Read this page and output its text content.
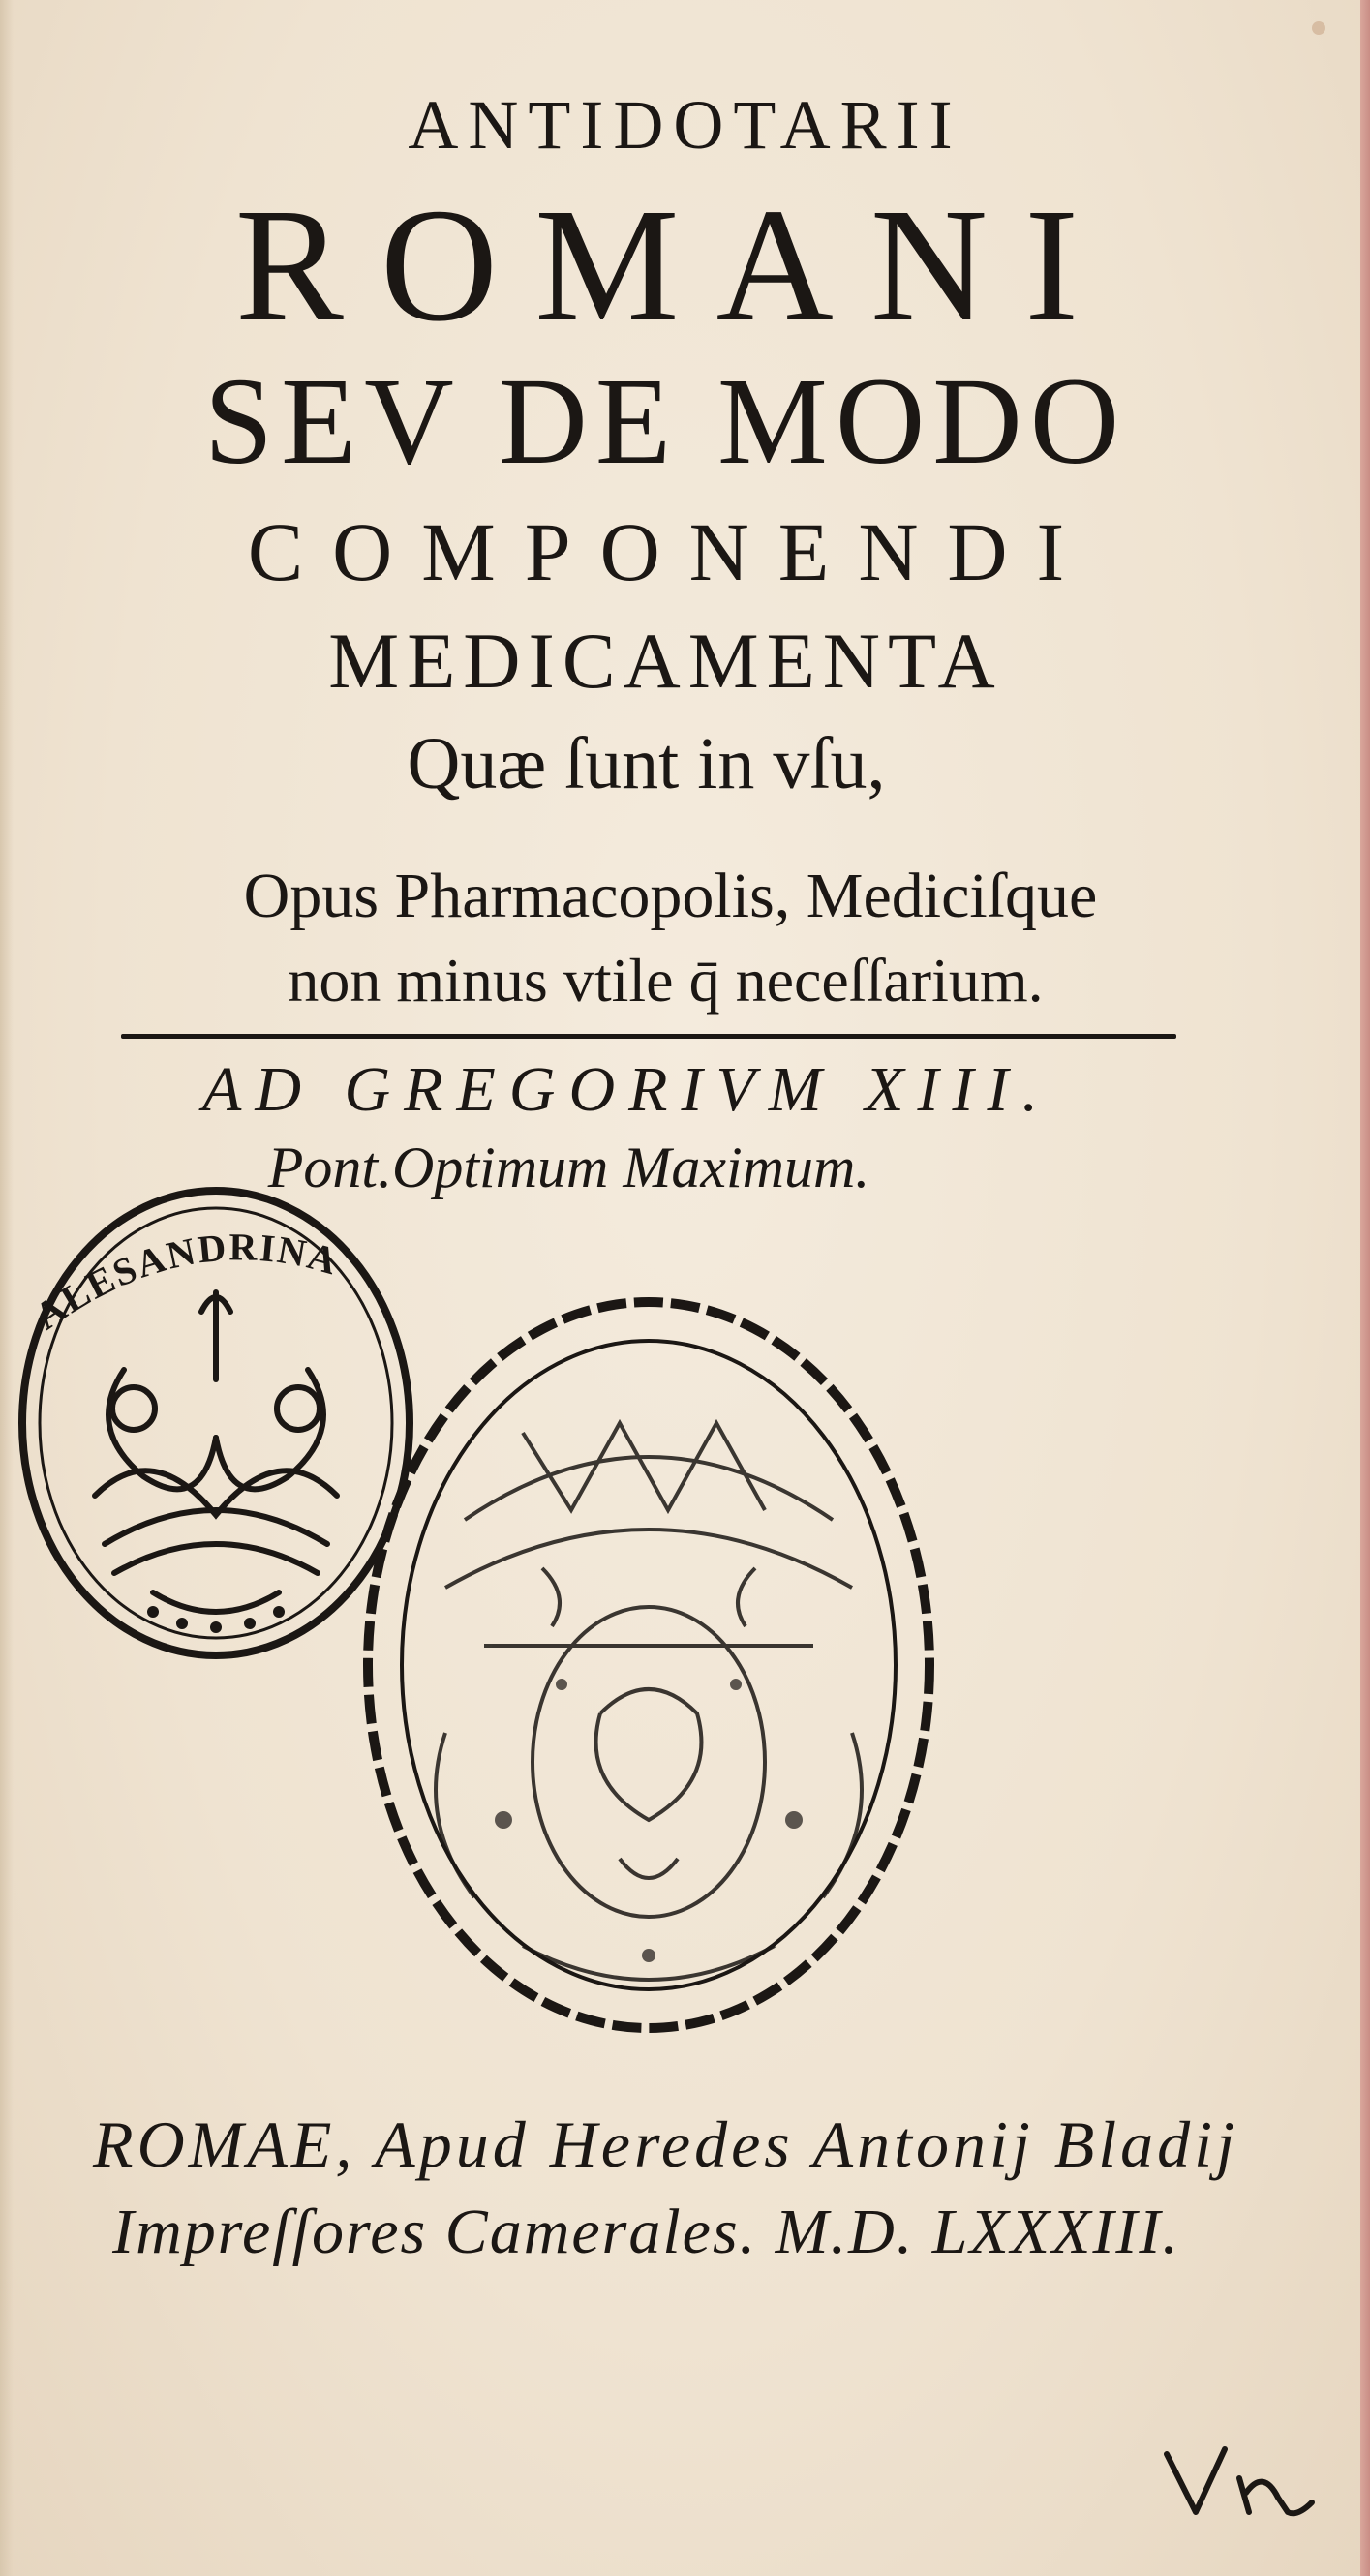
ANTIDOTARII
ROMANI
SEV DE MODO
COMPONENDI
MEDICAMENTA
Quæ ſunt in vſu,
Opus Pharmacopolis, Mediciſque
non minus vtile q̄ neceſſarium.
AD GREGORIVM XIII.
Pont.Optimum Maximum.
ALESANDRINA
ROMAE, Apud Heredes Antonij Bladij
Impreſſores Camerales. M.D. LXXXIII.
